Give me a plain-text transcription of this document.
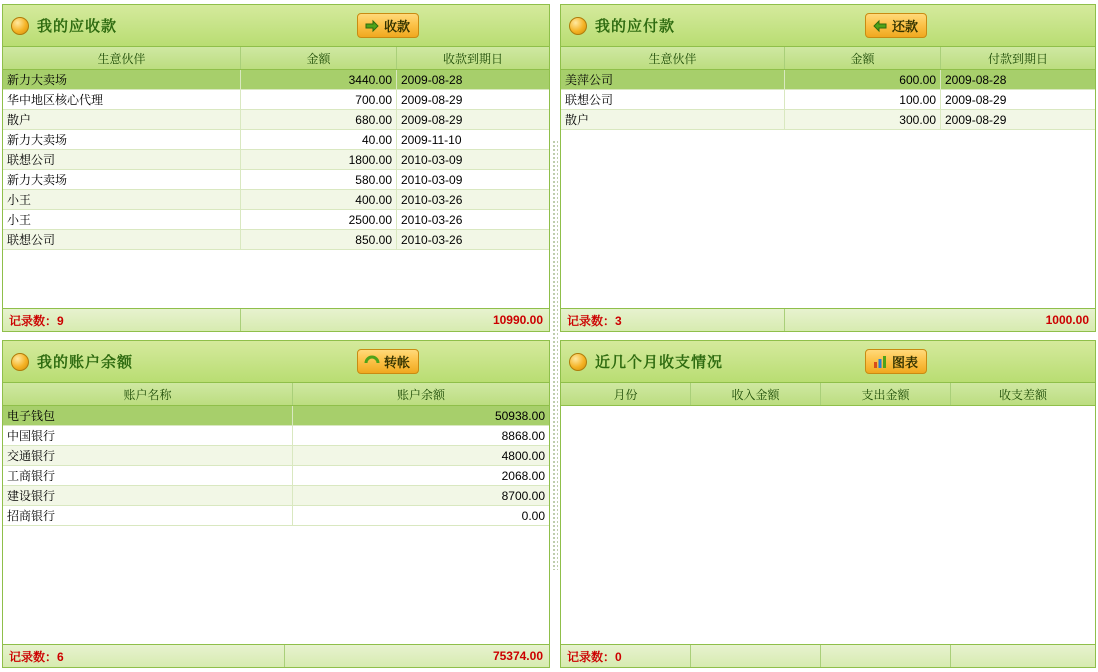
我的应收款	收款
生意伙伴	金额	收款到期日
新力大卖场	3440.00 2009-08-28
华中地区核心代理	700.00 2009-08-29
散户	680.00 2009-08-29
新力大卖场	40.00 2009-11-10
联想公司	1800.00 2010-03-09
新力大卖场	580.00 2010-03-09
小王	400.00 2010-03-26
小王	2500.00 2010-03-26
联想公司	850.00 2010-03-26
记录数：9	10990.00
我的应付款	还款
生意伙伴	金额	付款到期日
美萍公司	600.00 2009-08-28
联想公司	100.00 2009-08-29
散户	300.00 2009-08-29
记录数：3	1000.00
我的账户余额	转帐
账户名称	账户余额
电子钱包	50938.00
中国银行	8868.00
交通银行	4800.00
工商银行	2068.00
建设银行	8700.00
招商银行	0.00
记录数：6	75374.00
近几个月收支情况	图表
月份	收入金额	支出金额	收支差额
记录数：0
